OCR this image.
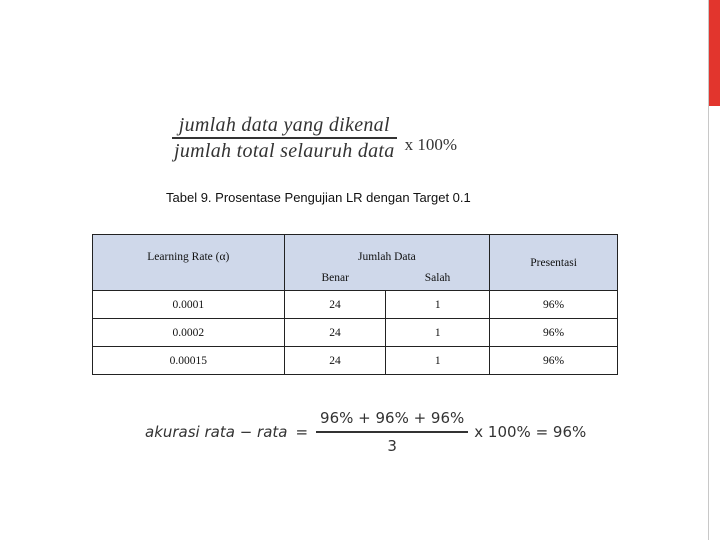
$\frac{\text{jumlah data yang dikenal}}{\text{jumlah total selauruh data}}$ x 100%
Tabel 9. Prosentase Pengujian LR dengan Target 0.1
Learning Rate (α)	Jumlah Data		Presentasi
	Benar	Salah	
0.0001	24	1	96%
0.0002	24	1	96%
0.00015	24	1	96%
akurasi rata − rata = $\frac{96\% + 96\% + 96\%}{3}$ x 100% = 96%
